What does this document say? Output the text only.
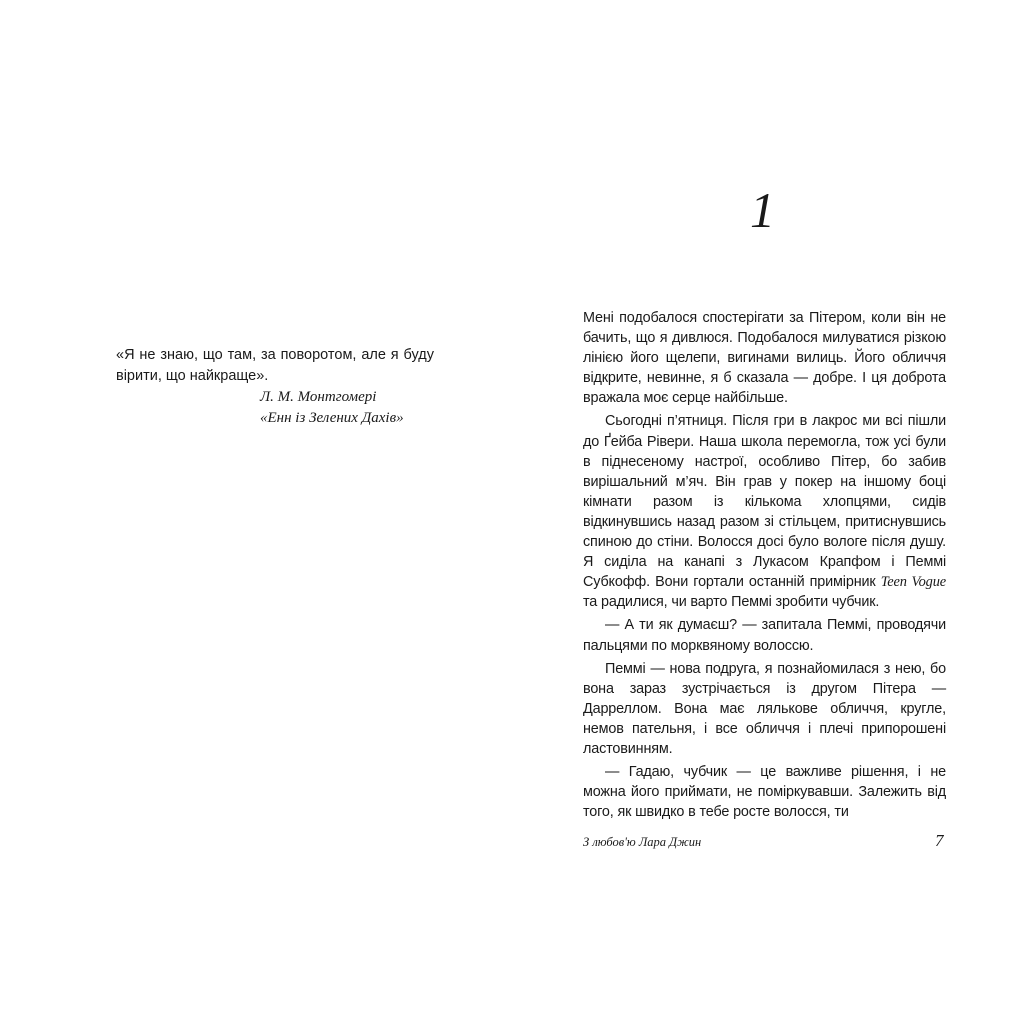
«Я не знаю, що там, за поворотом, але я буду вірити, що найкраще».

Л. М. Монтгомері

«Енн із Зелених Дахів»

1

Мені подобалося спостерігати за Пітером, коли він не бачить, що я дивлюся. Подобалося милуватися різкою лінією його щелепи, вигинами вилиць. Його обличчя відкрите, невинне, я б сказала — добре. І ця доброта вражала моє серце найбільше.

Сьогодні п’ятниця. Після гри в лакрос ми всі пішли до Ґейба Рівери. Наша школа перемогла, тож усі були в піднесеному настрої, особливо Пітер, бо забив вирішальний м’яч. Він грав у покер на іншому боці кімнати разом із кількома хлопцями, сидів відкинувшись назад разом зі стільцем, притиснувшись спиною до стіни. Волосся досі було вологе після душу. Я сиділа на канапі з Лукасом Крапфом і Пеммі Субкофф. Вони гортали останній примірник Teen Vogue та радилися, чи варто Пеммі зробити чубчик.

— А ти як думаєш? — запитала Пеммі, проводячи пальцями по морквяному волоссю.

Пеммі — нова подруга, я познайомилася з нею, бо вона зараз зустрічається із другом Пітера — Дарреллом. Вона має лялькове обличчя, кругле, немов пательня, і все обличчя і плечі припорошені ластовинням.

— Гадаю, чубчик — це важливе рішення, і не можна його приймати, не поміркувавши. Залежить від того, як швидко в тебе росте волосся, ти

З любов'ю Лара Джин	7
